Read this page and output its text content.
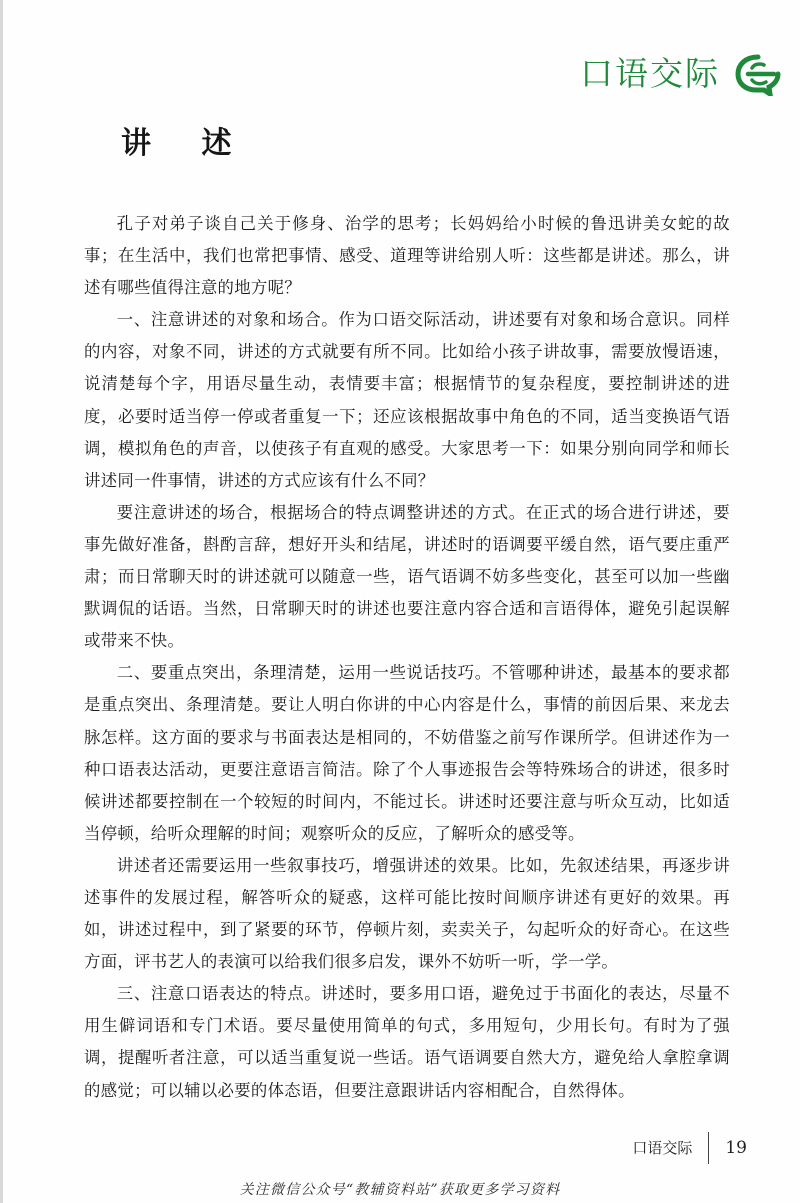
口语交际
讲 述

孔子对弟子谈自己关于修身、治学的思考；长妈妈给小时候的鲁迅讲美女蛇的故事；在生活中，我们也常把事情、感受、道理等讲给别人听：这些都是讲述。那么，讲述有哪些值得注意的地方呢？

一、注意讲述的对象和场合。作为口语交际活动，讲述要有对象和场合意识。同样的内容，对象不同，讲述的方式就要有所不同。比如给小孩子讲故事，需要放慢语速，说清楚每个字，用语尽量生动，表情要丰富；根据情节的复杂程度，要控制讲述的进度，必要时适当停一停或者重复一下；还应该根据故事中角色的不同，适当变换语气语调，模拟角色的声音，以使孩子有直观的感受。大家思考一下：如果分别向同学和师长讲述同一件事情，讲述的方式应该有什么不同？

要注意讲述的场合，根据场合的特点调整讲述的方式。在正式的场合进行讲述，要事先做好准备，斟酌言辞，想好开头和结尾，讲述时的语调要平缓自然，语气要庄重严肃；而日常聊天时的讲述就可以随意一些，语气语调不妨多些变化，甚至可以加一些幽默调侃的话语。当然，日常聊天时的讲述也要注意内容合适和言语得体，避免引起误解或带来不快。

二、要重点突出，条理清楚，运用一些说话技巧。不管哪种讲述，最基本的要求都是重点突出、条理清楚。要让人明白你讲的中心内容是什么，事情的前因后果、来龙去脉怎样。这方面的要求与书面表达是相同的，不妨借鉴之前写作课所学。但讲述作为一种口语表达活动，更要注意语言简洁。除了个人事迹报告会等特殊场合的讲述，很多时候讲述都要控制在一个较短的时间内，不能过长。讲述时还要注意与听众互动，比如适当停顿，给听众理解的时间；观察听众的反应，了解听众的感受等。

讲述者还需要运用一些叙事技巧，增强讲述的效果。比如，先叙述结果，再逐步讲述事件的发展过程，解答听众的疑惑，这样可能比按时间顺序讲述有更好的效果。再如，讲述过程中，到了紧要的环节，停顿片刻，卖卖关子，勾起听众的好奇心。在这些方面，评书艺人的表演可以给我们很多启发，课外不妨听一听，学一学。

三、注意口语表达的特点。讲述时，要多用口语，避免过于书面化的表达，尽量不用生僻词语和专门术语。要尽量使用简单的句式，多用短句，少用长句。有时为了强调，提醒听者注意，可以适当重复说一些话。语气语调要自然大方，避免给人拿腔拿调的感觉；可以辅以必要的体态语，但要注意跟讲话内容相配合，自然得体。

口语交际	19
关注微信公众号“教辅资料站”获取更多学习资料
